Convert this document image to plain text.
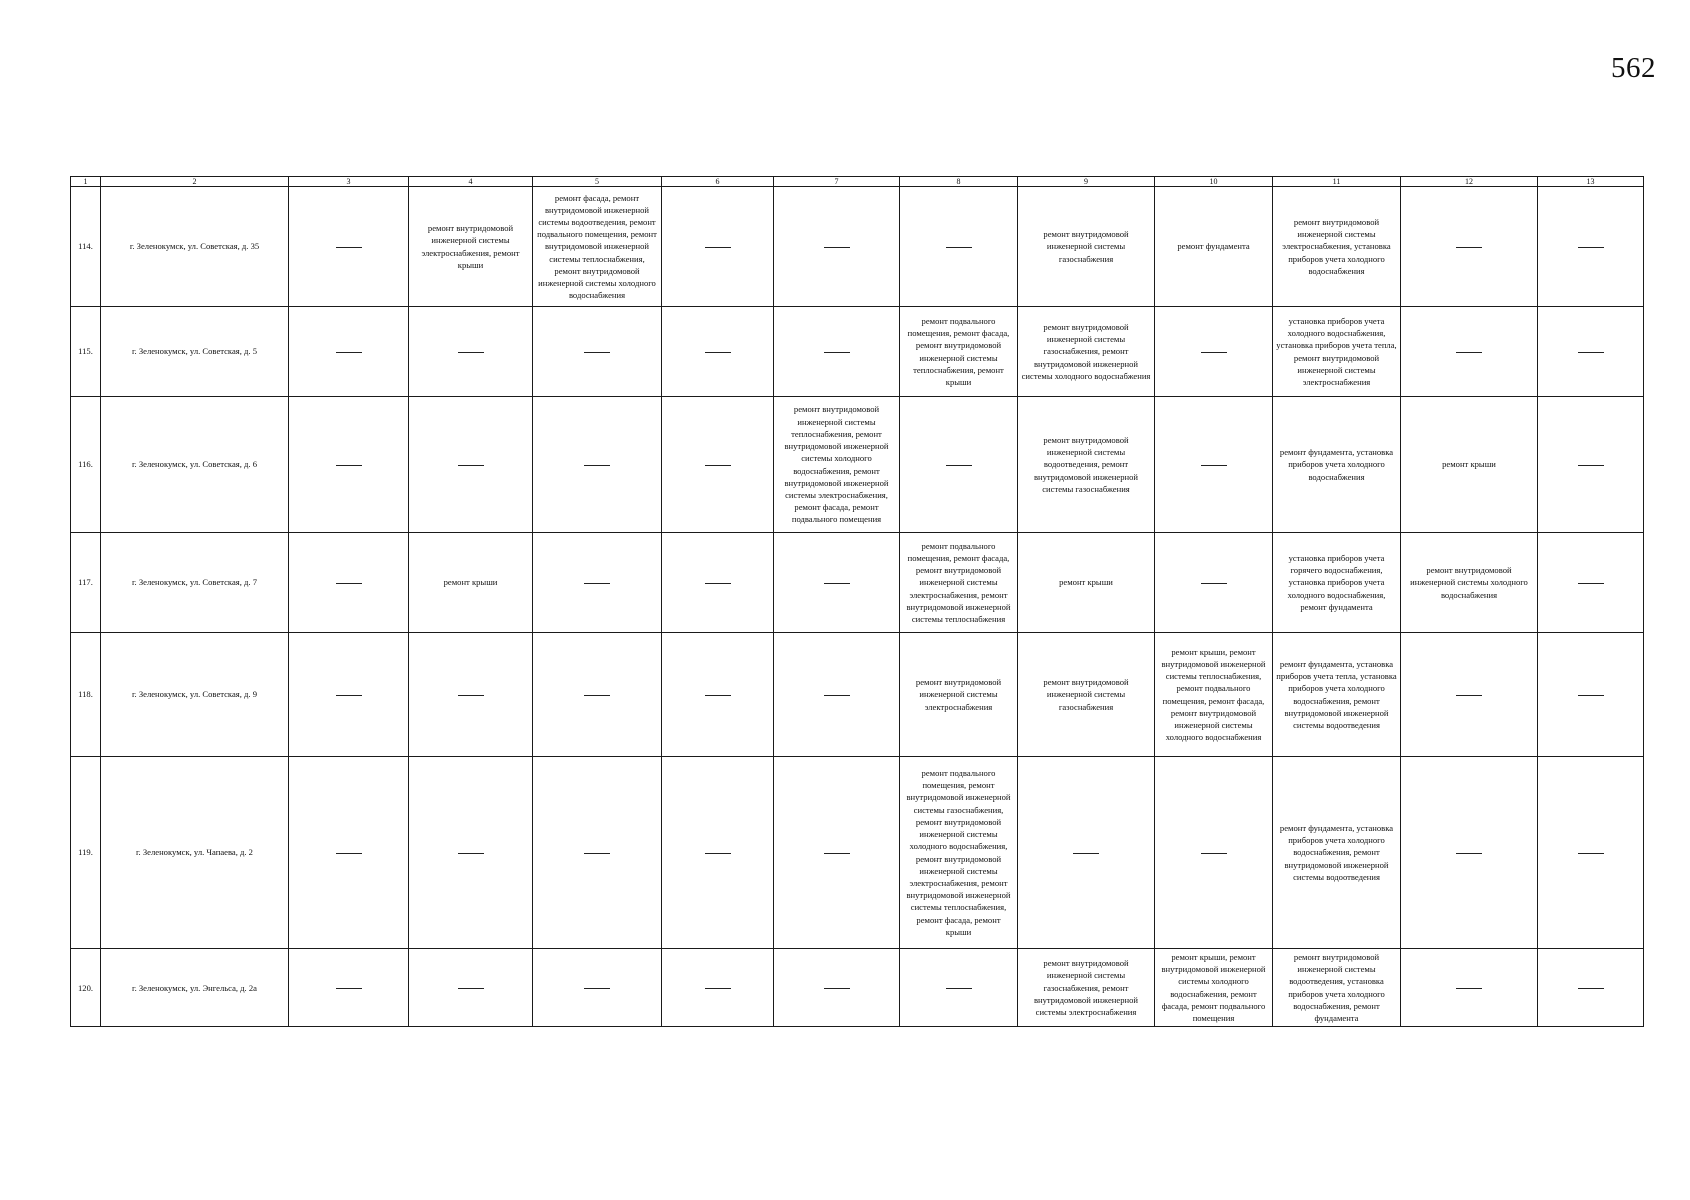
562
1	2	3	4	5	6	7	8	9	10	11	12	13
114.	г. Зеленокумск, ул. Советская, д. 35		ремонт внутридомовой инженерной системы электроснабжения, ремонт крыши	ремонт фасада, ремонт внутридомовой инженерной системы водоотведения, ремонт подвального помещения, ремонт внутридомовой инженерной системы теплоснабжения, ремонт внутридомовой инженерной системы холодного водоснабжения				ремонт внутридомовой инженерной системы газоснабжения	ремонт фундамента	ремонт внутридомовой инженерной системы электроснабжения, установка приборов учета холодного водоснабжения		
115.	г. Зеленокумск, ул. Советская, д. 5						ремонт подвального помещения, ремонт фасада, ремонт внутридомовой инженерной системы теплоснабжения, ремонт крыши	ремонт внутридомовой инженерной системы газоснабжения, ремонт внутридомовой инженерной системы холодного водоснабжения		установка приборов учета холодного водоснабжения, установка приборов учета тепла, ремонт внутридомовой инженерной системы электроснабжения		
116.	г. Зеленокумск, ул. Советская, д. 6					ремонт внутридомовой инженерной системы теплоснабжения, ремонт внутридомовой инженерной системы холодного водоснабжения, ремонт внутридомовой инженерной системы электроснабжения, ремонт фасада, ремонт подвального помещения		ремонт внутридомовой инженерной системы водоотведения, ремонт внутридомовой инженерной системы газоснабжения		ремонт фундамента, установка приборов учета холодного водоснабжения	ремонт крыши	
117.	г. Зеленокумск, ул. Советская, д. 7		ремонт крыши				ремонт подвального помещения, ремонт фасада, ремонт внутридомовой инженерной системы электроснабжения, ремонт внутридомовой инженерной системы теплоснабжения	ремонт крыши		установка приборов учета горячего водоснабжения, установка приборов учета холодного водоснабжения, ремонт фундамента	ремонт внутридомовой инженерной системы холодного водоснабжения	
118.	г. Зеленокумск, ул. Советская, д. 9						ремонт внутридомовой инженерной системы электроснабжения	ремонт внутридомовой инженерной системы газоснабжения	ремонт крыши, ремонт внутридомовой инженерной системы теплоснабжения, ремонт подвального помещения, ремонт фасада, ремонт внутридомовой инженерной системы холодного водоснабжения	ремонт фундамента, установка приборов учета тепла, установка приборов учета холодного водоснабжения, ремонт внутридомовой инженерной системы водоотведения		
119.	г. Зеленокумск, ул. Чапаева, д. 2						ремонт подвального помещения, ремонт внутридомовой инженерной системы газоснабжения, ремонт внутридомовой инженерной системы холодного водоснабжения, ремонт внутридомовой инженерной системы электроснабжения, ремонт внутридомовой инженерной системы теплоснабжения, ремонт фасада, ремонт крыши			ремонт фундамента, установка приборов учета холодного водоснабжения, ремонт внутридомовой инженерной системы водоотведения		
120.	г. Зеленокумск, ул. Энгельса, д. 2а							ремонт внутридомовой инженерной системы газоснабжения, ремонт внутридомовой инженерной системы электроснабжения	ремонт крыши, ремонт внутридомовой инженерной системы холодного водоснабжения, ремонт фасада, ремонт подвального помещения	ремонт внутридомовой инженерной системы водоотведения, установка приборов учета холодного водоснабжения, ремонт фундамента		
